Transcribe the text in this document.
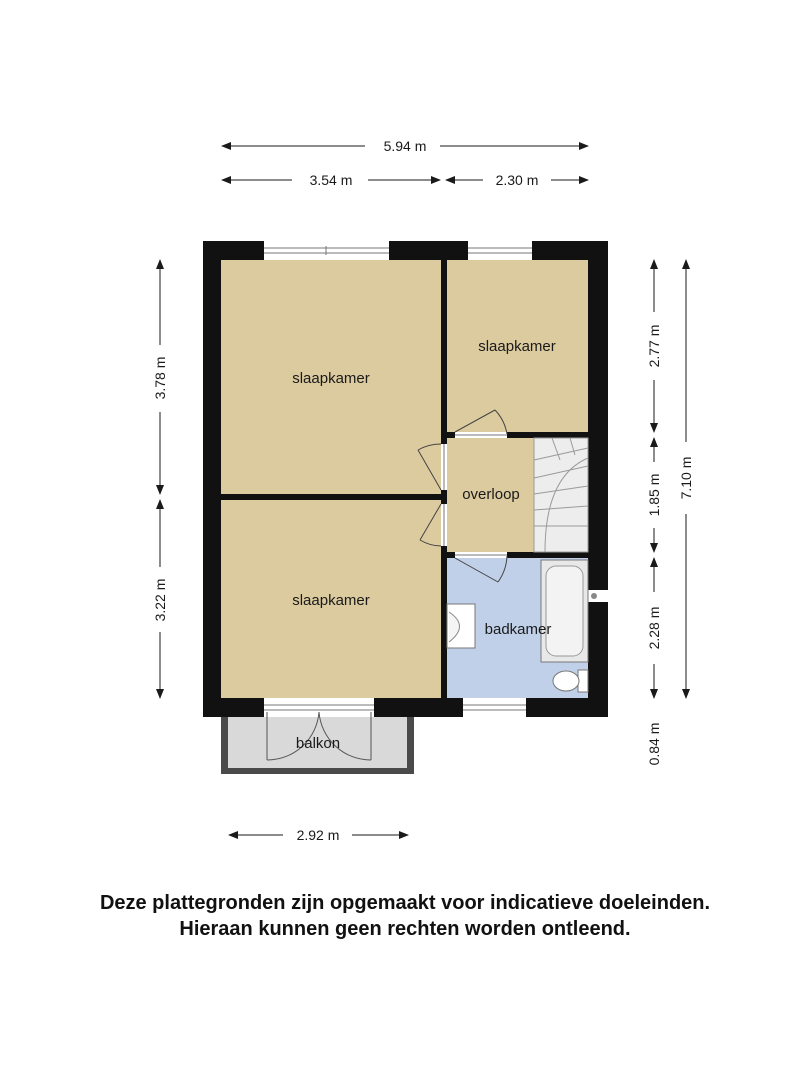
5.94 m
3.54 m	2.30 m
3.78 m
3.22 m
2.77 m
1.85 m
2.28 m
0.84 m
7.10 m
2.92 m
slaapkamer
slaapkamer
overloop
slaapkamer
badkamer
balkon
Deze plattegronden zijn opgemaakt voor indicatieve doeleinden.
Hieraan kunnen geen rechten worden ontleend.
